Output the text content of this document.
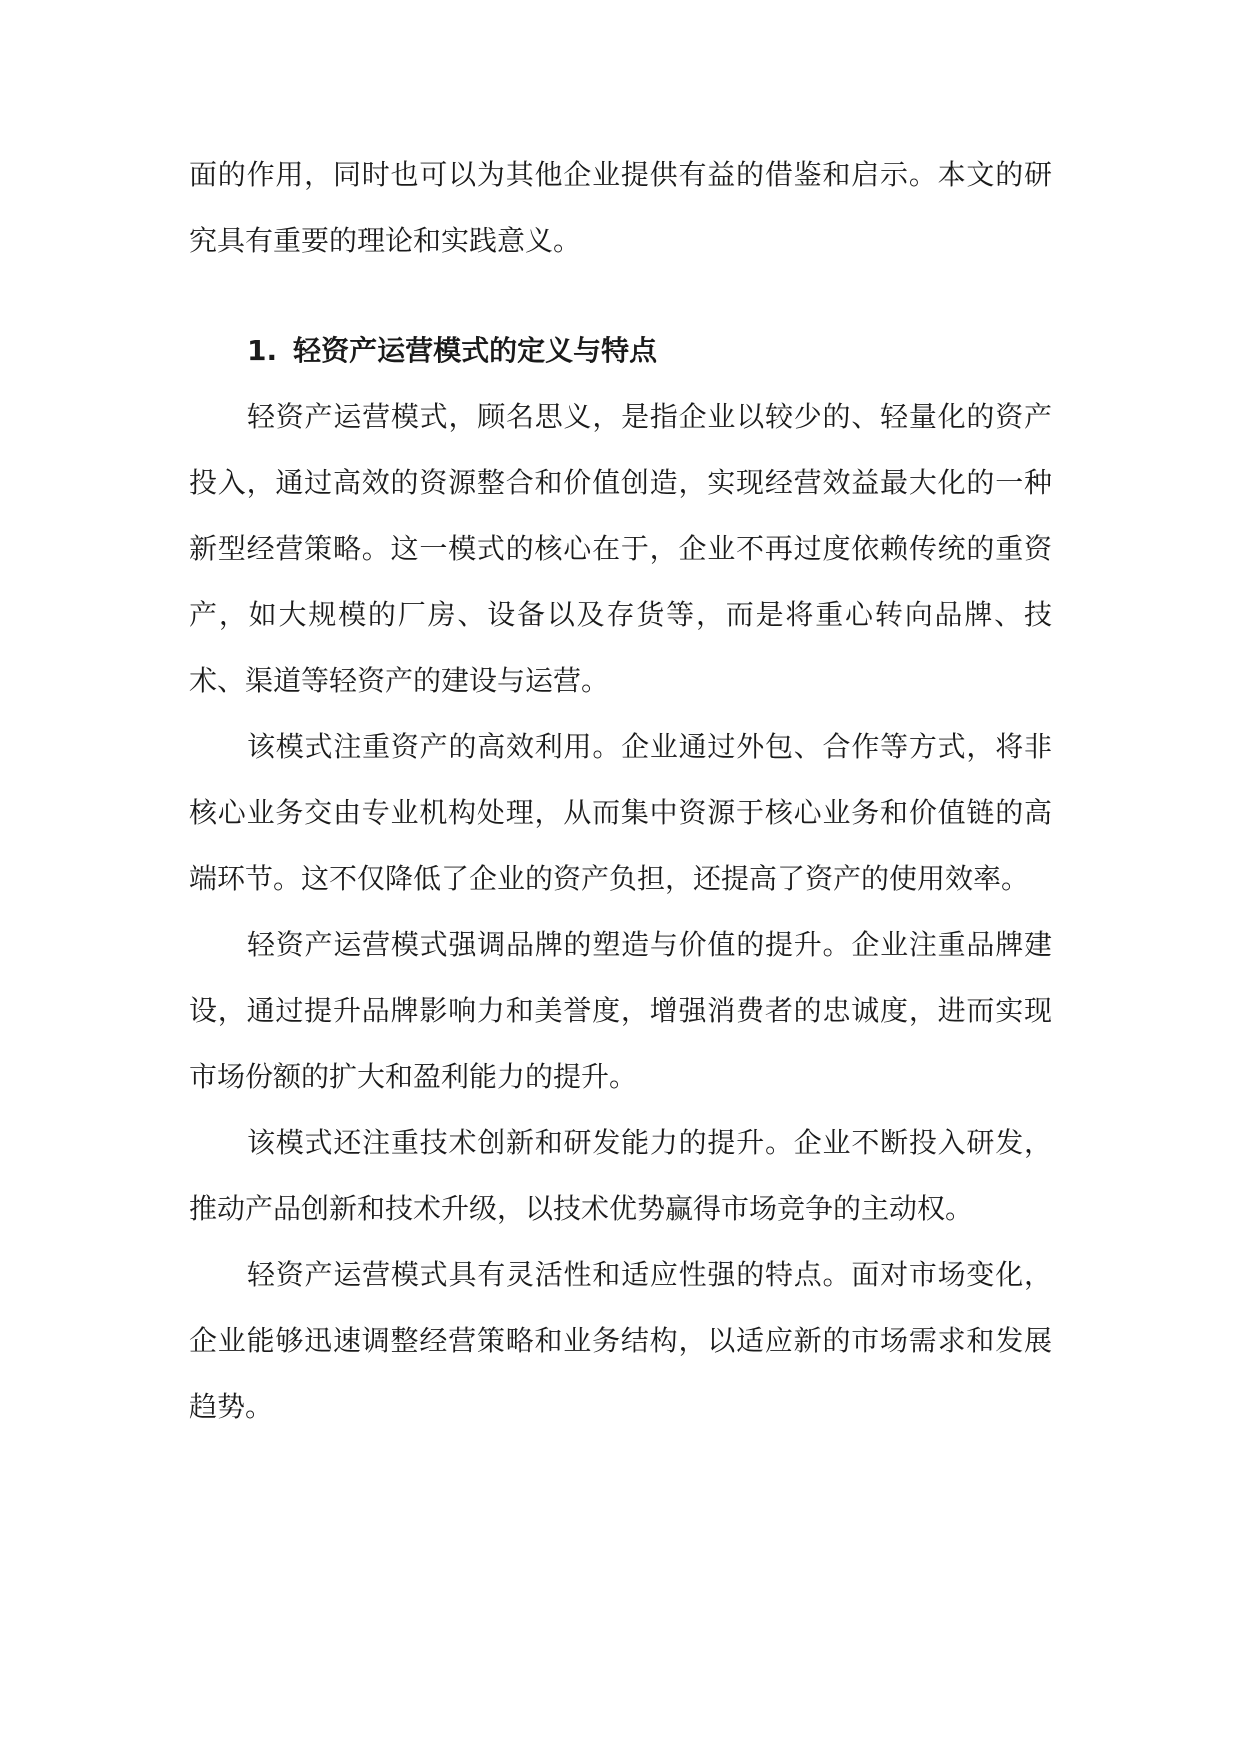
面的作用，同时也可以为其他企业提供有益的借鉴和启示。本文的研究具有重要的理论和实践意义。

1. 轻资产运营模式的定义与特点

轻资产运营模式，顾名思义，是指企业以较少的、轻量化的资产投入，通过高效的资源整合和价值创造，实现经营效益最大化的一种新型经营策略。这一模式的核心在于，企业不再过度依赖传统的重资产，如大规模的厂房、设备以及存货等，而是将重心转向品牌、技术、渠道等轻资产的建设与运营。

该模式注重资产的高效利用。企业通过外包、合作等方式，将非核心业务交由专业机构处理，从而集中资源于核心业务和价值链的高端环节。这不仅降低了企业的资产负担，还提高了资产的使用效率。

轻资产运营模式强调品牌的塑造与价值的提升。企业注重品牌建设，通过提升品牌影响力和美誉度，增强消费者的忠诚度，进而实现市场份额的扩大和盈利能力的提升。

该模式还注重技术创新和研发能力的提升。企业不断投入研发，推动产品创新和技术升级，以技术优势赢得市场竞争的主动权。

轻资产运营模式具有灵活性和适应性强的特点。面对市场变化，企业能够迅速调整经营策略和业务结构，以适应新的市场需求和发展趋势。
